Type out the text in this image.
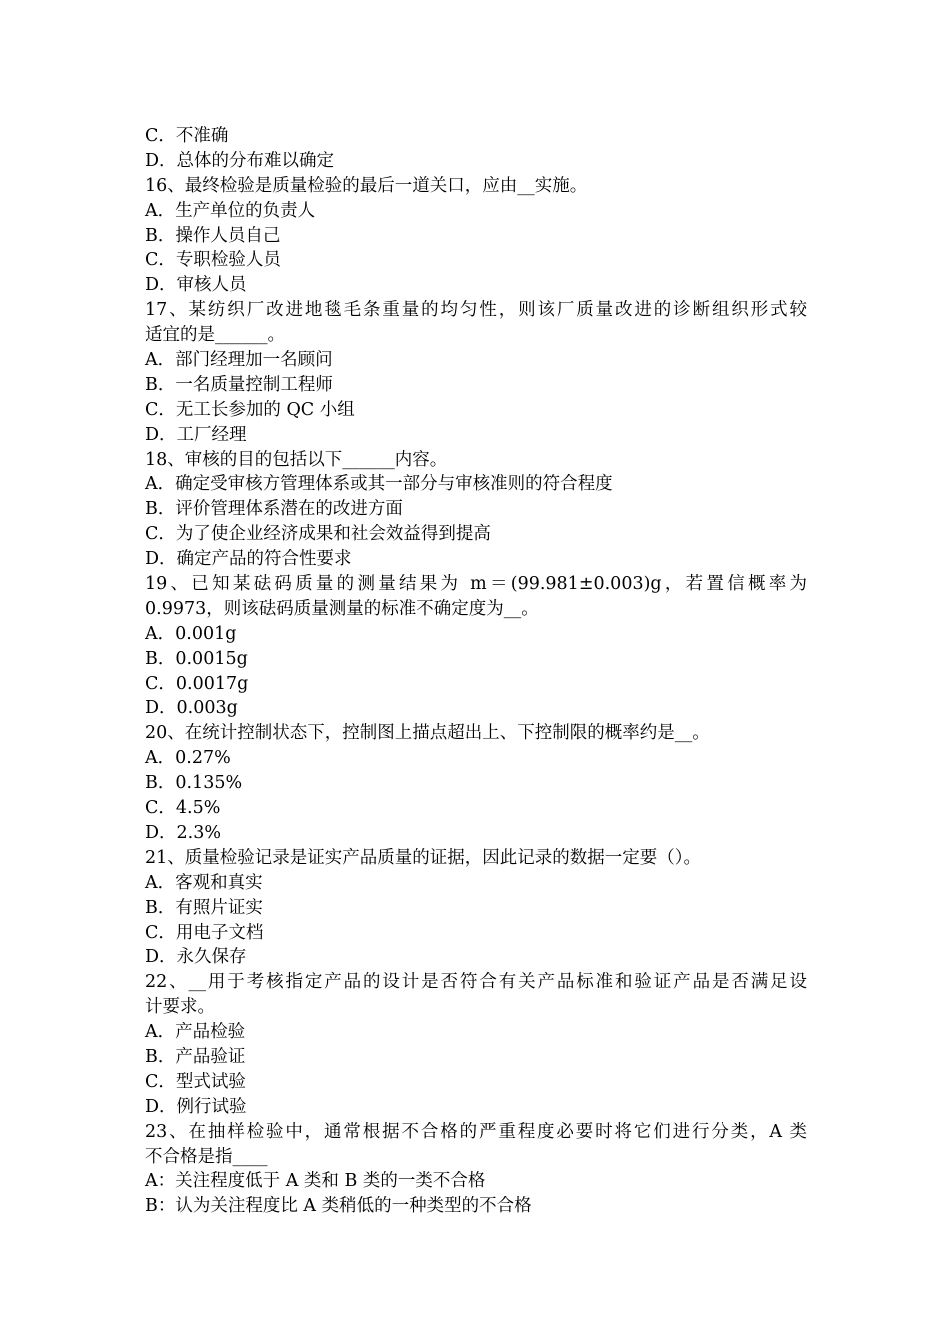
C．不准确
D．总体的分布难以确定
16、最终检验是质量检验的最后一道关口，应由__实施。
A．生产单位的负责人
B．操作人员自己
C．专职检验人员
D．审核人员
17、某纺织厂改进地毯毛条重量的均匀性，则该厂质量改进的诊断组织形式较
适宜的是______。
A．部门经理加一名顾问
B．一名质量控制工程师
C．无工长参加的 QC 小组
D．工厂经理
18、审核的目的包括以下______内容。
A．确定受审核方管理体系或其一部分与审核准则的符合程度
B．评价管理体系潜在的改进方面
C．为了使企业经济成果和社会效益得到提高
D．确定产品的符合性要求
19、已知某砝码质量的测量结果为 m＝(99.981±0.003)g，若置信概率为
0.9973，则该砝码质量测量的标准不确定度为__。
A．0.001g
B．0.0015g
C．0.0017g
D．0.003g
20、在统计控制状态下，控制图上描点超出上、下控制限的概率约是__。
A．0.27%
B．0.135%
C．4.5%
D．2.3%
21、质量检验记录是证实产品质量的证据，因此记录的数据一定要（）。
A．客观和真实
B．有照片证实
C．用电子文档
D．永久保存
22、__用于考核指定产品的设计是否符合有关产品标准和验证产品是否满足设
计要求。
A．产品检验
B．产品验证
C．型式试验
D．例行试验
23、在抽样检验中，通常根据不合格的严重程度必要时将它们进行分类，A 类
不合格是指____
A：关注程度低于 A 类和 B 类的一类不合格
B：认为关注程度比 A 类稍低的一种类型的不合格
